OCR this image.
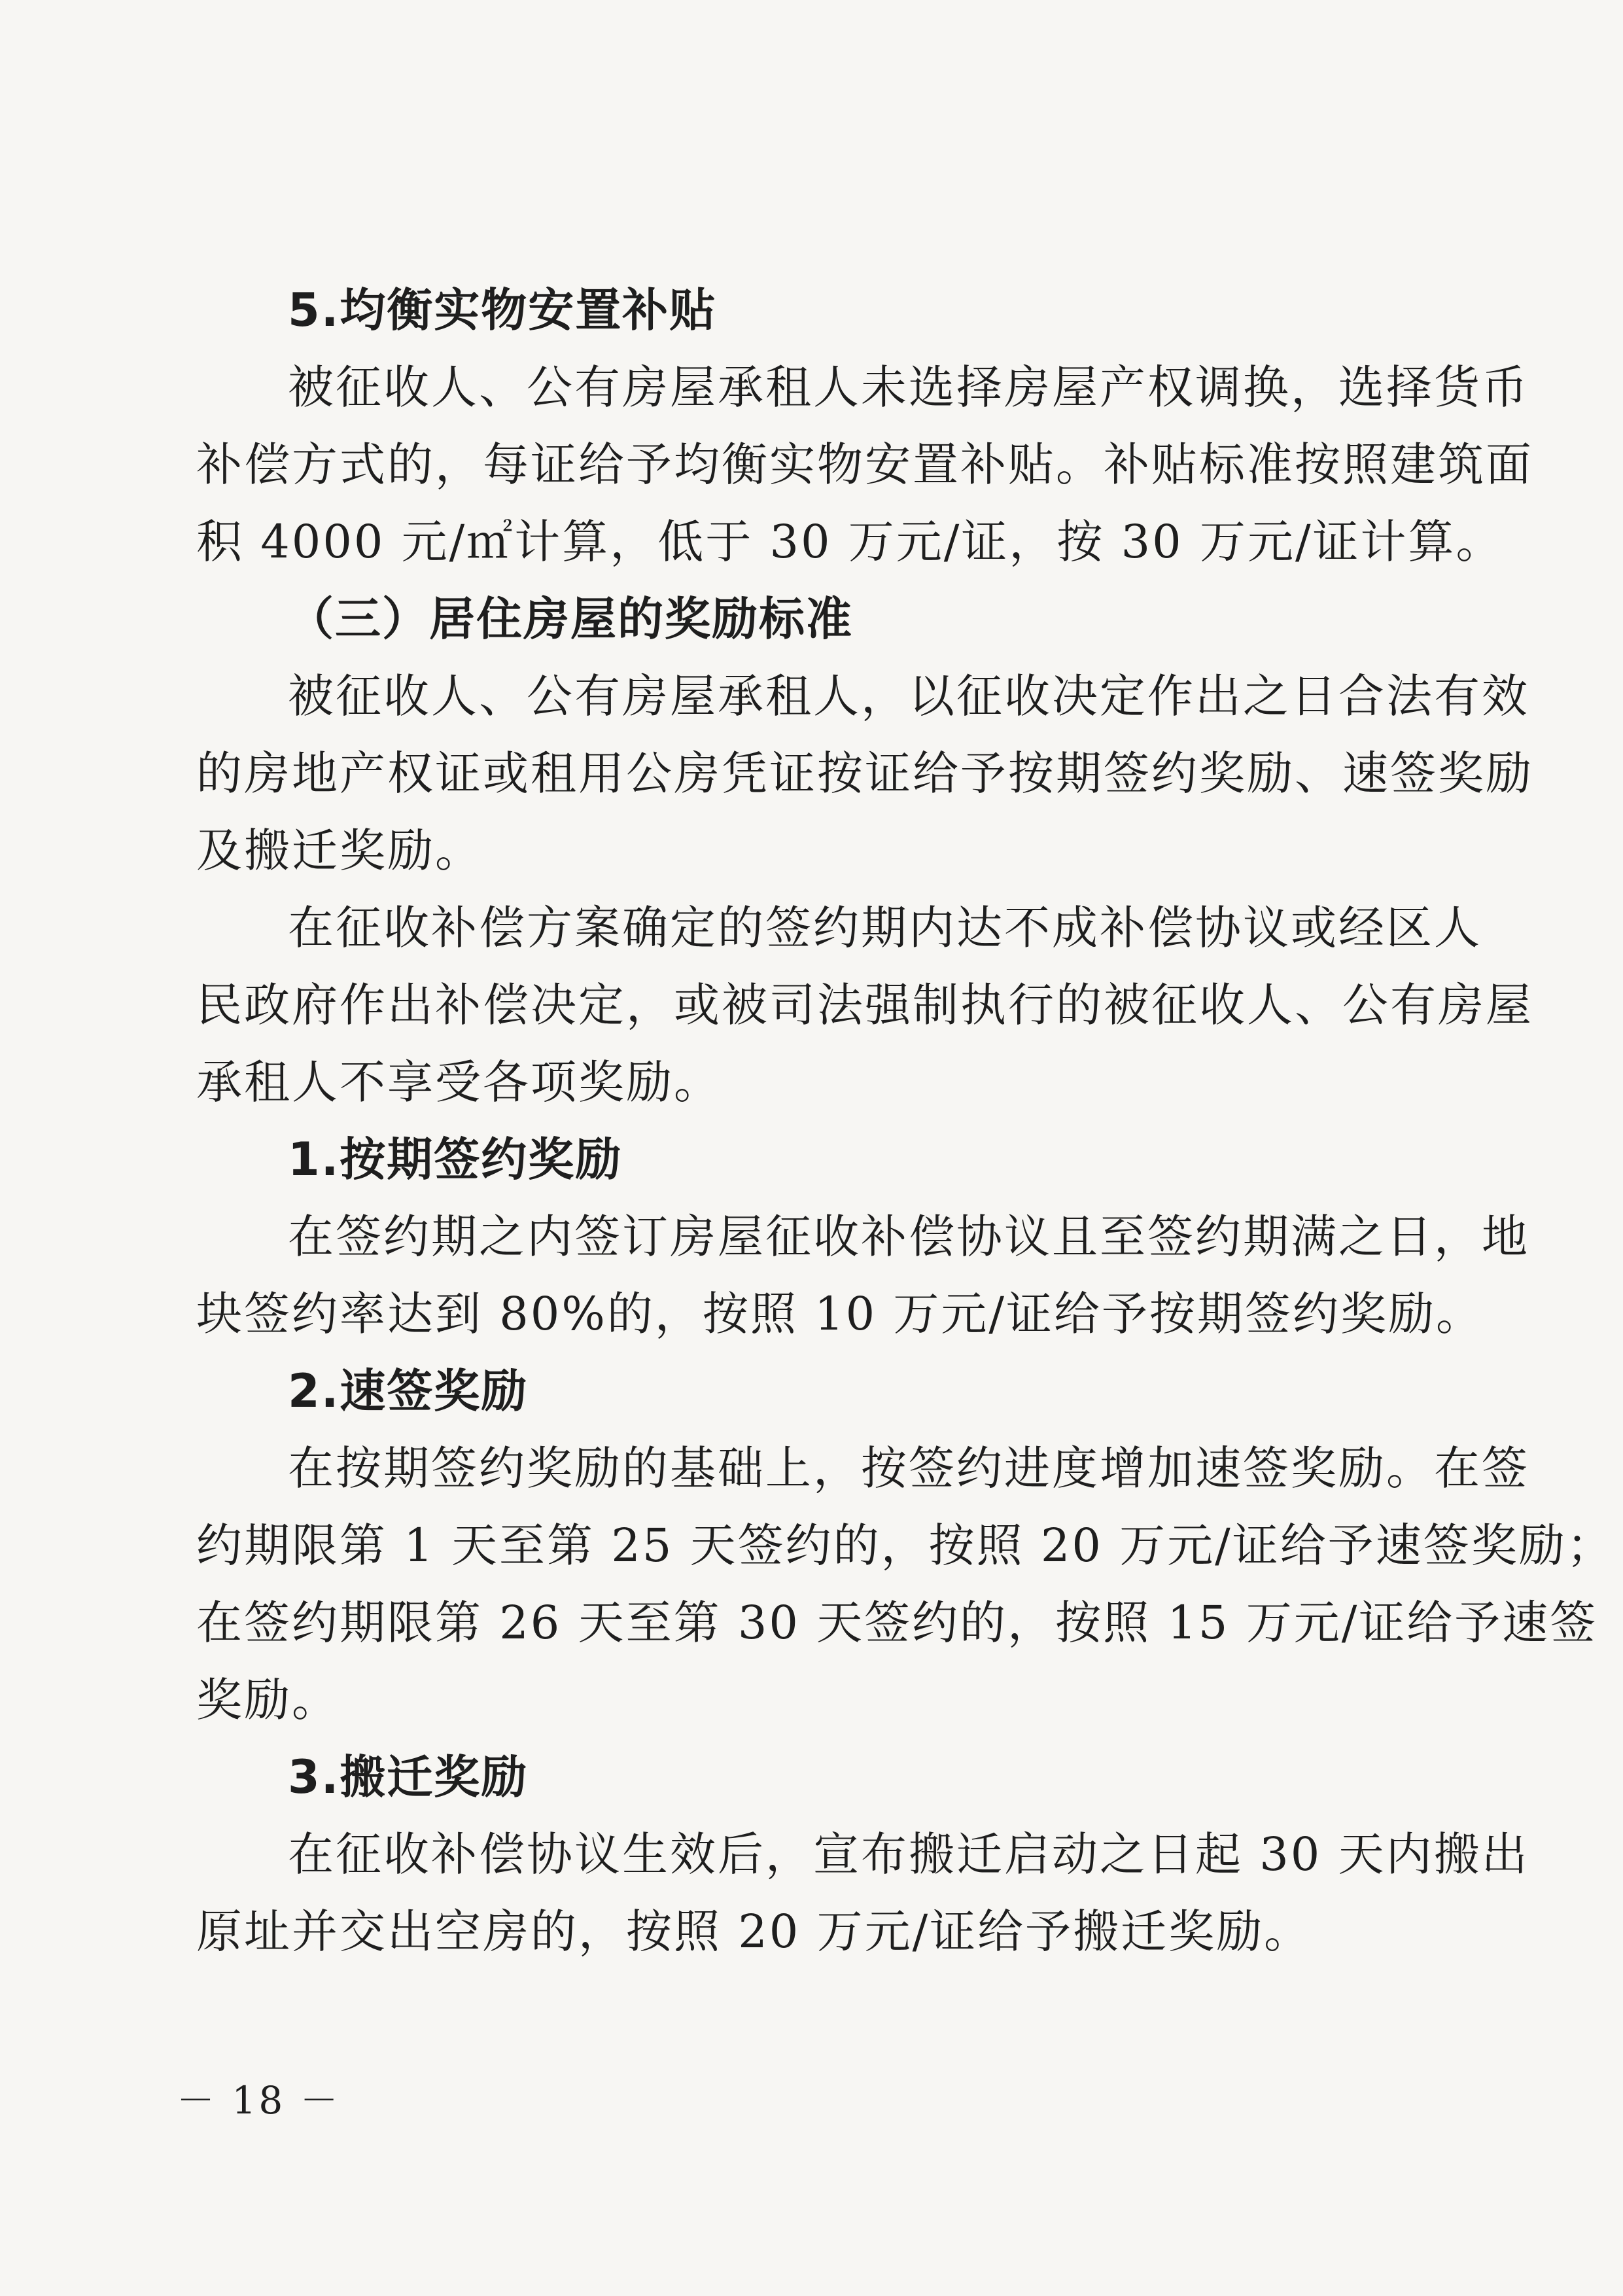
5.均衡实物安置补贴
被征收人、公有房屋承租人未选择房屋产权调换，选择货币
补偿方式的，每证给予均衡实物安置补贴。补贴标准按照建筑面
积 4000 元/㎡计算，低于 30 万元/证，按 30 万元/证计算。
（三）居住房屋的奖励标准
被征收人、公有房屋承租人，以征收决定作出之日合法有效
的房地产权证或租用公房凭证按证给予按期签约奖励、速签奖励
及搬迁奖励。
在征收补偿方案确定的签约期内达不成补偿协议或经区人
民政府作出补偿决定，或被司法强制执行的被征收人、公有房屋
承租人不享受各项奖励。
1.按期签约奖励
在签约期之内签订房屋征收补偿协议且至签约期满之日，地
块签约率达到 80%的，按照 10 万元/证给予按期签约奖励。
2.速签奖励
在按期签约奖励的基础上，按签约进度增加速签奖励。在签
约期限第 1 天至第 25 天签约的，按照 20 万元/证给予速签奖励；
在签约期限第 26 天至第 30 天签约的，按照 15 万元/证给予速签
奖励。
3.搬迁奖励
在征收补偿协议生效后，宣布搬迁启动之日起 30 天内搬出
原址并交出空房的，按照 20 万元/证给予搬迁奖励。
－ 18 －
